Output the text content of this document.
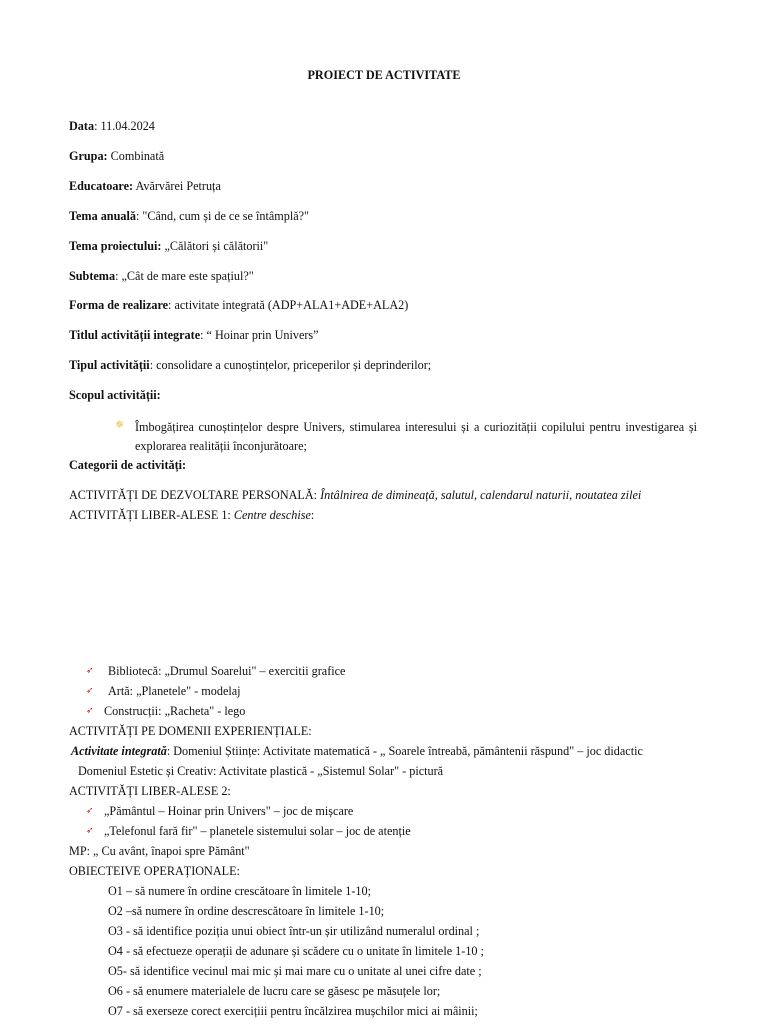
PROIECT DE ACTIVITATE
Data: 11.04.2024
Grupa: Combinată
Educatoare: Avărvărei Petruța
Tema anuală: "Când, cum și de ce se întâmplă?"
Tema proiectului: „Călători și călătorii"
Subtema: „Cât de mare este spațiul?"
Forma de realizare: activitate integrată (ADP+ALA1+ADE+ALA2)
Titlul activității integrate: “ Hoinar prin Univers”
Tipul activității: consolidare a cunoștințelor, priceperilor și deprinderilor;
Scopul activității:
✵ Îmbogățirea cunoștințelor despre Univers, stimularea interesului și a curiozității copilului pentru investigarea și explorarea realității înconjurătoare;
Categorii de activități:
ACTIVITĂȚI DE DEZVOLTARE PERSONALĂ: Întâlnirea de dimineață, salutul, calendarul naturii, noutatea zilei
ACTIVITĂȚI LIBER-ALESE 1: Centre deschise:
➶ Bibliotecă: „Drumul Soarelui" – exercitii grafice
➶ Artă: „Planetele" - modelaj
➶ Construcții: „Racheta" - lego
ACTIVITĂȚI PE DOMENII EXPERIENȚIALE:
Activitate integrată: Domeniul Științe: Activitate matematică - „ Soarele întreabă, pământenii răspund" – joc didactic
Domeniul Estetic și Creativ: Activitate plastică - „Sistemul Solar" - pictură
ACTIVITĂȚI LIBER-ALESE 2:
➶ „Pământul – Hoinar prin Univers" – joc de mișcare
➶ „Telefonul fară fir" – planetele sistemului solar – joc de atenție
MP: „ Cu avânt, înapoi spre Pământ"
OBIECTEIVE OPERAȚIONALE:
O1 – să numere în ordine crescătoare în limitele 1-10;
O2 –să numere în ordine descrescătoare în limitele 1-10;
O3 - să identifice poziția unui obiect într-un șir utilizând numeralul ordinal ;
O4 - să efectueze operații de adunare și scădere cu o unitate în limitele 1-10 ;
O5- să identifice vecinul mai mic și mai mare cu o unitate al unei cifre date ;
O6 - să enumere materialele de lucru care se găsesc pe măsuțele lor;
O7 - să exerseze corect exercițiii pentru încălzirea mușchilor mici ai mâinii;
